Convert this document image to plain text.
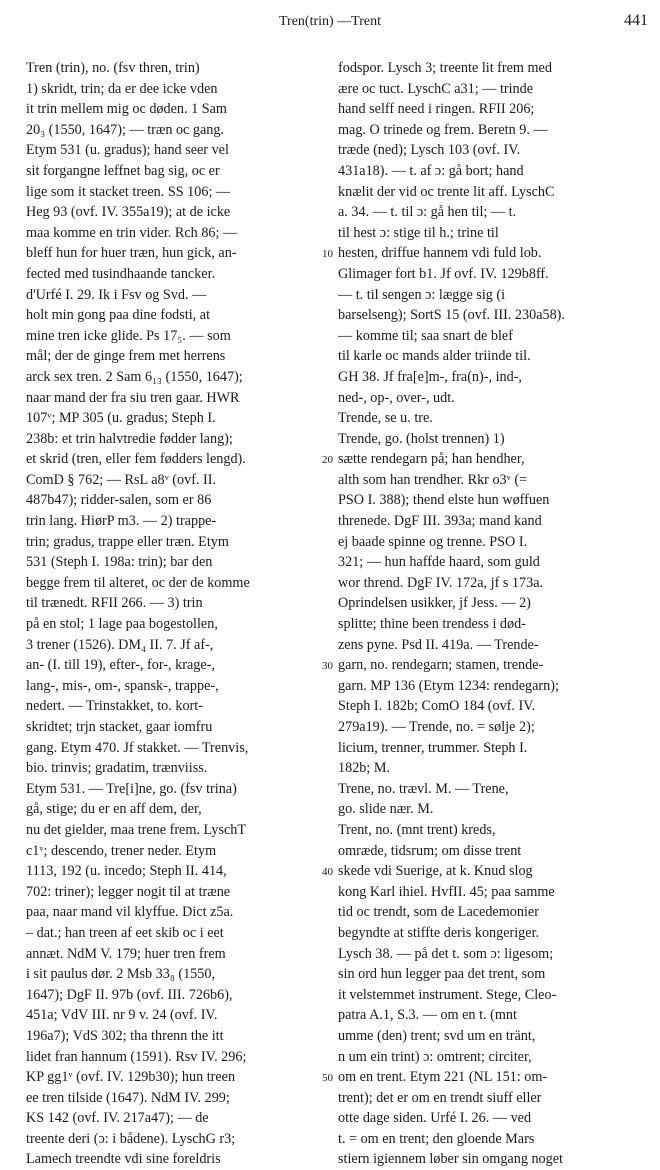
Tren(trin) —Trent	441

Tren (trin), no. (fsv thren, trin)

1) skridt, trin; da er dee icke vden

it trin mellem mig oc døden. 1 Sam

20₃ (1550, 1647); — træn oc gang.

Etym 531 (u. gradus); hand seer vel

sit forgangne leffnet bag sig, oc er

lige som it stacket treen. SS 106; —

Heg 93 (ovf. IV. 355a19); at de icke

maa komme en trin vider. Rch 86; —

bleff hun for huer træn, hun gick, an-

fected med tusindhaande tancker.

d'Urfé I. 29. Ik i Fsv og Svd. —

holt min gong paa dine fodsti, at

mine tren icke glide. Ps 17₅. — som

mål; der de ginge frem met herrens

arck sex tren. 2 Sam 6₁₃ (1550, 1647);

naar mand der fra siu tren gaar. HWR

107ᵛ; MP 305 (u. gradus; Steph I.

238b: et trin halvtredie fødder lang);

et skrid (tren, eller fem fødders lengd).

ComD § 762; — RsL a8ᵛ (ovf. II.

487b47); ridder-salen, som er 86

trin lang. HiørP m3. — 2) trappe-

trin; gradus, trappe eller træn. Etym

531 (Steph I. 198a: trin); bar den

begge frem til alteret, oc der de komme

til trænedt. RFII 266. — 3) trin

på en stol; 1 lage paa bogestollen,

3 trener (1526). DM₄ II. 7. Jf af-,

an- (I. till 19), efter-, for-, krage-,

lang-, mis-, om-, spansk-, trappe-,

nedert. — Trinstakket, to. kort-

skridtet; trjn stacket, gaar iomfru

gang. Etym 470. Jf stakket. — Trenvis,

bio. trinvis; gradatim, trænviiss.

Etym 531. — Tre[i]ne, go. (fsv trina)

gå, stige; du er en aff dem, der,

nu det gielder, maa trene frem. LyschT

c1ᵛ; descendo, trener neder. Etym

1113, 192 (u. incedo; Steph II. 414,

702: triner); legger nogit til at træne

paa, naar mand vil klyffue. Dict z5a.

– dat.; han treen af eet skib oc i eet

annæt. NdM V. 179; huer tren frem

i sit paulus dør. 2 Msb 33₈ (1550,

1647); DgF II. 97b (ovf. III. 726b6),

451a; VdV III. nr 9 v. 24 (ovf. IV.

196a7); VdS 302; tha threnn the itt

lidet fran hannum (1591). Rsv IV. 296;

KP gg1ᵛ (ovf. IV. 129b30); hun treen

ee tren tilside (1647). NdM IV. 299;

KS 142 (ovf. IV. 217a47); — de

treente deri (ɔ: i bådene). LyschG r3;

Lamech treendte vdi sine foreldris

10
20
30
40
50

fodspor. Lysch 3; treente lit frem med

ære oc tuct. LyschC a31; — trinde

hand selff need i ringen. RFII 206;

mag. O trinede og frem. Beretn 9. —

træde (ned); Lysch 103 (ovf. IV.

431a18). — t. af ɔ: gå bort; hand

knælit der vid oc trente lit aff. LyschC

a. 34. — t. til ɔ: gå hen til; — t.

til hest ɔ: stige til h.; trine til

hesten, driffue hannem vdi fuld lob.

Glimager fort b1. Jf ovf. IV. 129b8ff.

— t. til sengen ɔ: lægge sig (i

barselseng); SortS 15 (ovf. III. 230a58).

— komme til; saa snart de blef

til karle oc mands alder triinde til.

GH 38. Jf fra[e]m-, fra(n)-, ind-,

ned-, op-, over-, udt.

Trende, se u. tre.

Trende, go. (holst trennen) 1)

sætte rendegarn på; han hendher,

alth som han trendher. Rkr o3ᵛ (=

PSO I. 388); thend elste hun wøffuen

threnede. DgF III. 393a; mand kand

ej baade spinne og trenne. PSO I.

321; — hun haffde haard, som guld

wor thrend. DgF IV. 172a, jf s 173a.

Oprindelsen usikker, jf Jess. — 2)

splitte; thine been trendess i død-

zens pyne. Psd II. 419a. — Trende-

garn, no. rendegarn; stamen, trende-

garn. MP 136 (Etym 1234: rendegarn);

Steph I. 182b; ComO 184 (ovf. IV.

279a19). — Trende, no. = sølje 2);

licium, trenner, trummer. Steph I.

182b; M.

Trene, no. trævl. M. — Trene,

go. slide nær. M.

Trent, no. (mnt trent) kreds,

omræde, tidsrum; om disse trent

skede vdi Suerige, at k. Knud slog

kong Karl ihiel. HvfII. 45; paa samme

tid oc trendt, som de Lacedemonier

begyndte at stiffte deris kongeriger.

Lysch 38. — på det t. som ɔ: ligesom;

sin ord hun legger paa det trent, som

it velstemmet instrument. Stege, Cleo-

patra A.1, S.3. — om en t. (mnt

umme (den) trent; svd um en tränt,

n um ein trint) ɔ: omtrent; circiter,

om en trent. Etym 221 (NL 151: om-

trent); det er om en trendt siuff eller

otte dage siden. Urfé I. 26. — ved

t. = om en trent; den gloende Mars

stiern igiennem løber sin omgang noget
